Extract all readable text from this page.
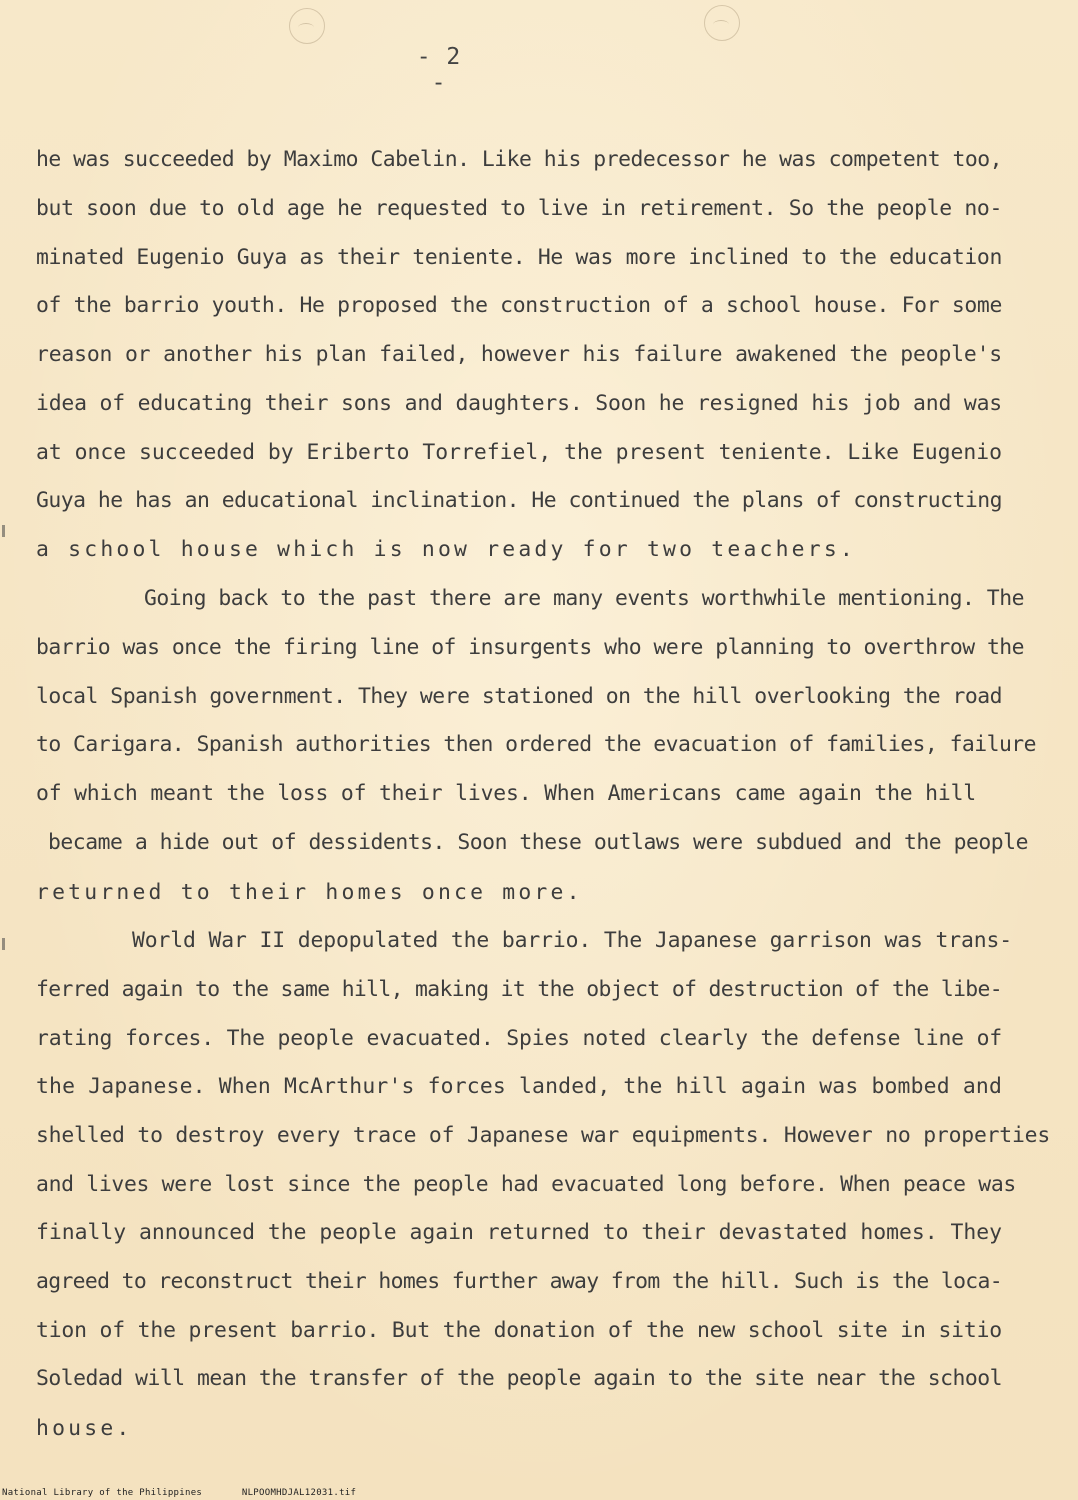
- 2 -
he was succeeded by Maximo Cabelin. Like his predecessor he was competent too,
but soon due to old age he requested to live in retirement. So the people no-
minated Eugenio Guya as their teniente. He was more inclined to the education
of the barrio youth. He proposed the construction of a school house. For some
reason or another his plan failed, however his failure awakened the people's
idea of educating their sons and daughters. Soon he resigned his job and was
at once succeeded by Eriberto Torrefiel, the present teniente. Like Eugenio
Guya he has an educational inclination. He continued the plans of constructing
a school house which is now ready for two teachers.
Going back to the past there are many events worthwhile mentioning. The
barrio was once the firing line of insurgents who were planning to overthrow the
local Spanish government. They were stationed on the hill overlooking the road
to Carigara. Spanish authorities then ordered the evacuation of families, failure
of which meant the loss of their lives. When Americans came again the hill
became a hide out of dessidents. Soon these outlaws were subdued and the people
returned to their homes once more.
World War II depopulated the barrio. The Japanese garrison was trans-
ferred again to the same hill, making it the object of destruction of the libe-
rating forces. The people evacuated. Spies noted clearly the defense line of
the Japanese. When McArthur's forces landed, the hill again was bombed and
shelled to destroy every trace of Japanese war equipments. However no properties
and lives were lost since the people had evacuated long before. When peace was
finally announced the people again returned to their devastated homes. They
agreed to reconstruct their homes further away from the hill. Such is the loca-
tion of the present barrio. But the donation of the new school site in sitio
Soledad will mean the transfer of the people again to the site near the school
house.
National Library of the Philippines	NLPOOMHDJAL12031.tif
